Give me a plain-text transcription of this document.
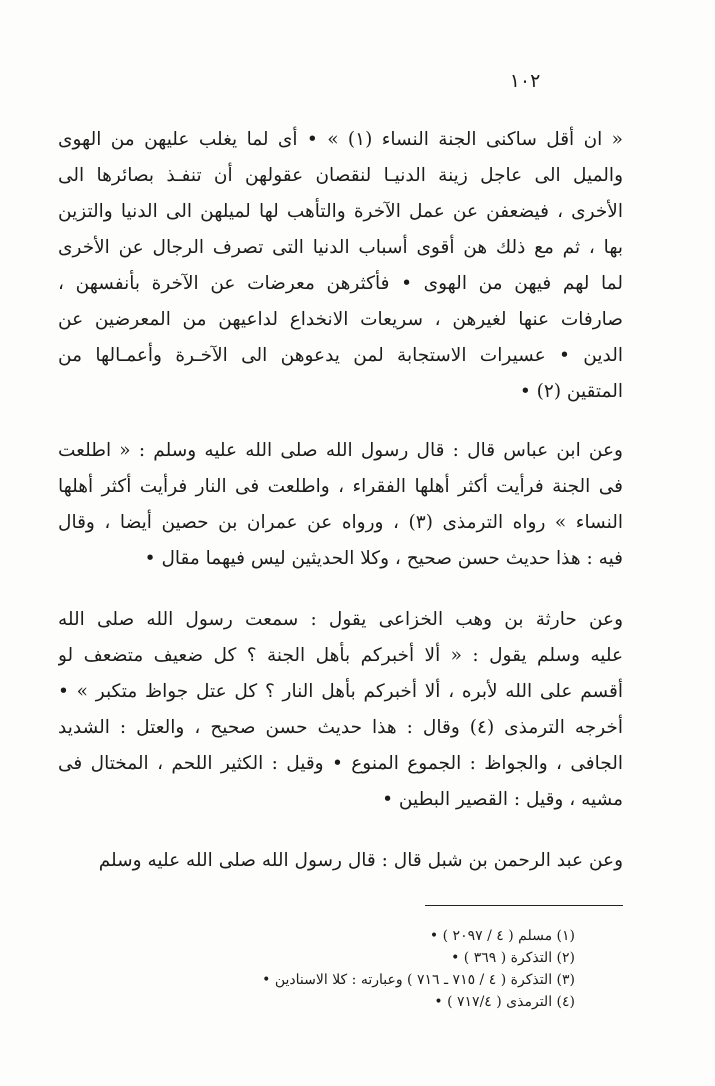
١٠٢
« ان أقل ساكنى الجنة النساء (١) » • أى لما يغلب عليهن من الهوى
والميل الى عاجل زينة الدنيـا لنقصان عقولهن أن تنفـذ بصائرها الى
الأخرى ، فيضعفن عن عمل الآخرة والتأهب لها لميلهن الى الدنيا والتزين
بها ، ثم مع ذلك هن أقوى أسباب الدنيا التى تصرف الرجال عن الأخرى
لما لهم فيهن من الهوى • فأكثرهن معرضات عن الآخرة بأنفسهن ،
صارفات عنها لغيرهن ، سريعات الانخداع لداعيهن من المعرضين عن
الدين • عسيرات الاستجابة لمن يدعوهن الى الآخـرة وأعمـالها من
المتقين (٢) •
وعن ابن عباس قال : قال رسول الله صلى الله عليه وسلم : « اطلعت
فى الجنة فرأيت أكثر أهلها الفقراء ، واطلعت فى النار فرأيت أكثر أهلها
النساء » رواه الترمذى (٣) ، ورواه عن عمران بن حصين أيضا ، وقال
فيه : هذا حديث حسن صحيح ، وكلا الحديثين ليس فيهما مقال •
وعن حارثة بن وهب الخزاعى يقول : سمعت رسول الله صلى الله
عليه وسلم يقول : « ألا أخبركم بأهل الجنة ؟ كل ضعيف متضعف لو
أقسم على الله لأبره ، ألا أخبركم بأهل النار ؟ كل عتل جواظ متكبر » •
أخرجه الترمذى (٤) وقال : هذا حديث حسن صحيح ، والعتل : الشديد
الجافى ، والجواظ : الجموع المنوع • وقيل : الكثير اللحم ، المختال فى
مشيه ، وقيل : القصير البطين •
وعن عبد الرحمن بن شبل قال : قال رسول الله صلى الله عليه وسلم
(١) مسلم ( ٤ / ٢٠٩٧ ) •
(٢) التذكرة ( ٣٦٩ ) •
(٣) التذكرة ( ٤ / ٧١٥ ـ ٧١٦ ) وعبارته : كلا الاسنادين •
(٤) الترمذى ( ٧١٧/٤ ) •
